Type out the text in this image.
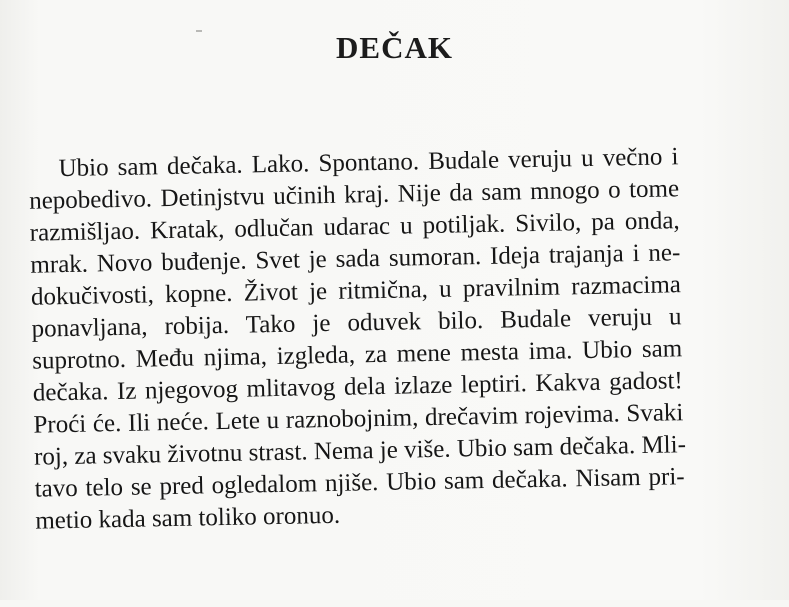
DEČAK
Ubio sam dečaka. Lako. Spontano. Budale veruju u večno i
nepobedivo. Detinjstvu učinih kraj. Nije da sam mnogo o tome
razmišljao. Kratak, odlučan udarac u potiljak. Sivilo, pa onda,
mrak. Novo buđenje. Svet je sada sumoran. Ideja trajanja i ne-
dokučivosti, kopne. Život je ritmična, u pravilnim razmacima
ponavljana, robija. Tako je oduvek bilo. Budale veruju u
suprotno. Među njima, izgleda, za mene mesta ima. Ubio sam
dečaka. Iz njegovog mlitavog dela izlaze leptiri. Kakva gadost!
Proći će. Ili neće. Lete u raznobojnim, drečavim rojevima. Svaki
roj, za svaku životnu strast. Nema je više. Ubio sam dečaka. Mli-
tavo telo se pred ogledalom njiše. Ubio sam dečaka. Nisam pri-
metio kada sam toliko oronuo.
